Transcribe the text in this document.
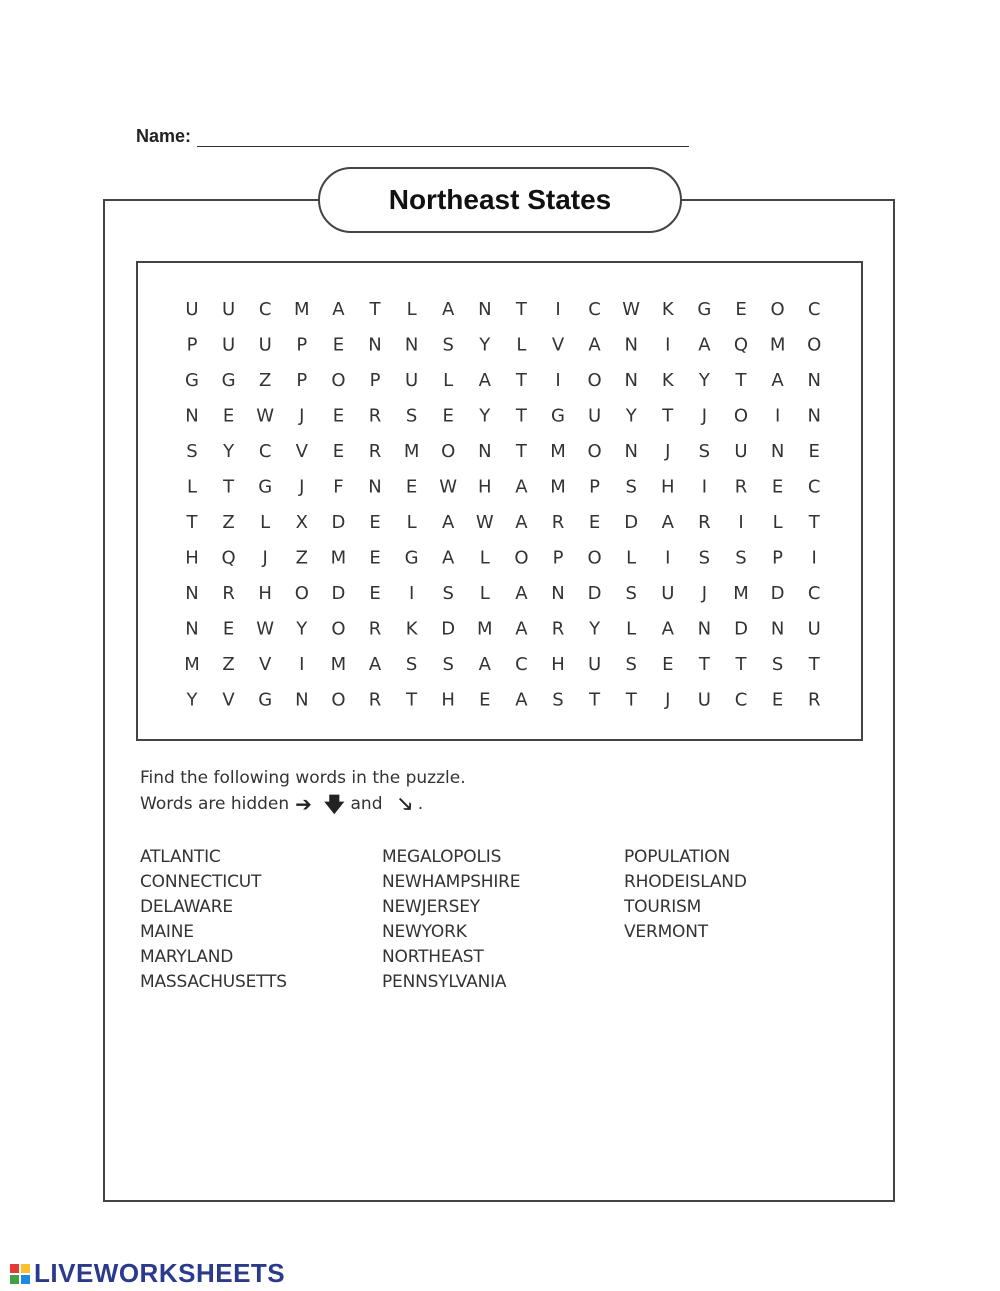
Name:
Northeast States
U U C M A T L A N T I C W K G E O C
P U U P E N N S Y L V A N I A Q M O
G G Z P O P U L A T I O N K Y T A N
N E W J E R S E Y T G U Y T J O I N
S Y C V E R M O N T M O N J S U N E
L T G J F N E W H A M P S H I R E C
T Z L X D E L A W A R E D A R I L T
H Q J Z M E G A L O P O L I S S P I
N R H O D E I S L A N D S U J M D C
N E W Y O R K D M A R Y L A N D N U
M Z V I M A S S A C H U S E T T S T
Y V G N O R T H E A S T T J U C E R
Find the following words in the puzzle.
Words are hidden ➔ 🡇 and 🡖 .
ATLANTIC
CONNECTICUT
DELAWARE
MAINE
MARYLAND
MASSACHUSETTS
MEGALOPOLIS
NEWHAMPSHIRE
NEWJERSEY
NEWYORK
NORTHEAST
PENNSYLVANIA
POPULATION
RHODEISLAND
TOURISM
VERMONT
LIVEWORKSHEETS
